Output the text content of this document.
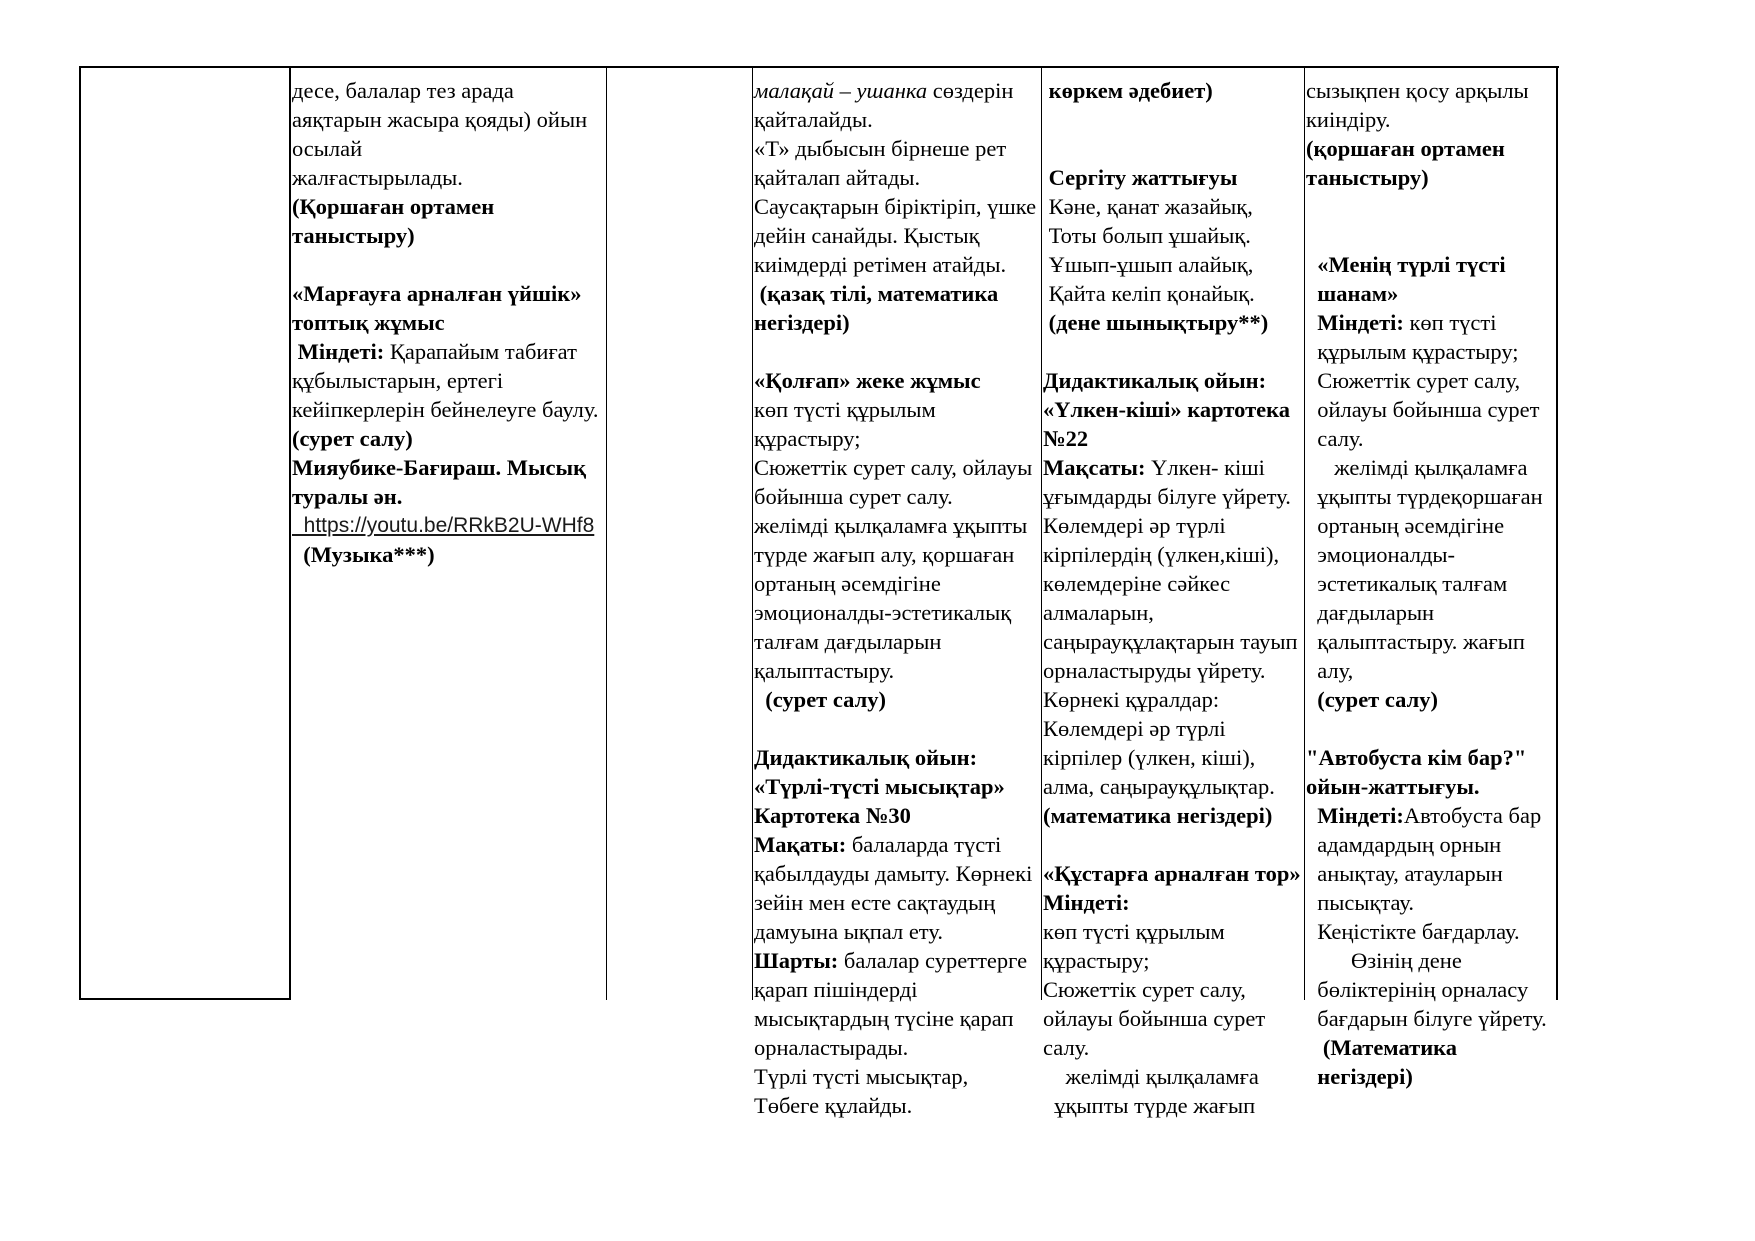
десе, балалар тез арада
аяқтарын жасыра қояды) ойын
осылай
жалғастырылады.
(Қоршаған ортамен
таныстыру)
«Марғауға арналған үйшік»
топтық жұмыс
Міндеті: Қарапайым табиғат
құбылыстарын, ертегі
кейіпкерлерін бейнелеуге баулу.
(сурет салу)
Мияубике-Бағираш. Мысық
туралы ән.
https://youtu.be/RRkB2U-WHf8
(Музыка***)
малақай – ушанка сөздерін
қайталайды.
«Т» дыбысын бірнеше рет
қайталап айтады.
Саусақтарын біріктіріп, үшке
дейін санайды. Қыстық
киімдерді ретімен атайды.
(қазақ тілі, математика
негіздері)
«Қолғап» жеке жұмыс
көп түсті құрылым
құрастыру;
Сюжеттік сурет салу, ойлауы
бойынша сурет салу.
желімді қылқаламға ұқыпты
түрде жағып алу, қоршаған
ортаның әсемдігіне
эмоционалды-эстетикалық
талғам дағдыларын
қалыптастыру.
(сурет салу)
Дидактикалық ойын:
«Түрлі-түсті мысықтар»
Картотека №30
Мақаты: балаларда түсті
қабылдауды дамыту. Көрнекі
зейін мен есте сақтаудың
дамуына ықпал ету.
Шарты: балалар суреттерге
қарап пішіндерді
мысықтардың түсіне қарап
орналастырады.
Түрлі түсті мысықтар,
Төбеге құлайды.
көркем әдебиет)
Сергіту жаттығуы
Кәне, қанат жазайық,
Тоты болып ұшайық.
Ұшып-ұшып алайық,
Қайта келіп қонайық.
(дене шынықтыру**)
Дидактикалық ойын:
«Үлкен-кіші» картотека
№22
Мақсаты: Үлкен- кіші
ұғымдарды білуге үйрету.
Көлемдері әр түрлі
кірпілердің (үлкен,кіші),
көлемдеріне сәйкес
алмаларын,
саңырауқұлақтарын тауып
орналастыруды үйрету.
Көрнекі құралдар:
Көлемдері әр түрлі
кірпілер (үлкен, кіші),
алма, саңырауқұлықтар.
(математика негіздері)
«Құстарға арналған тор»
Міндеті:
көп түсті құрылым
құрастыру;
Сюжеттік сурет салу,
ойлауы бойынша сурет
салу.
желімді қылқаламға
ұқыпты түрде жағып
сызықпен қосу арқылы
киіндіру.
(қоршаған ортамен
таныстыру)
«Менің түрлі түсті
шанам»
Міндеті: көп түсті
құрылым құрастыру;
Сюжеттік сурет салу,
ойлауы бойынша сурет
салу.
желімді қылқаламға
ұқыпты түрдеқоршаған
ортаның әсемдігіне
эмоционалды-
эстетикалық талғам
дағдыларын
қалыптастыру. жағып
алу,
(сурет салу)
"Автобуста кім бар?"
ойын-жаттығуы.
Міндеті:Автобуста бар
адамдардың орнын
анықтау, атауларын
пысықтау.
Кеңістікте бағдарлау.
Өзінің дене
бөліктерінің орналасу
бағдарын білуге үйрету.
(Математика
негіздері)
